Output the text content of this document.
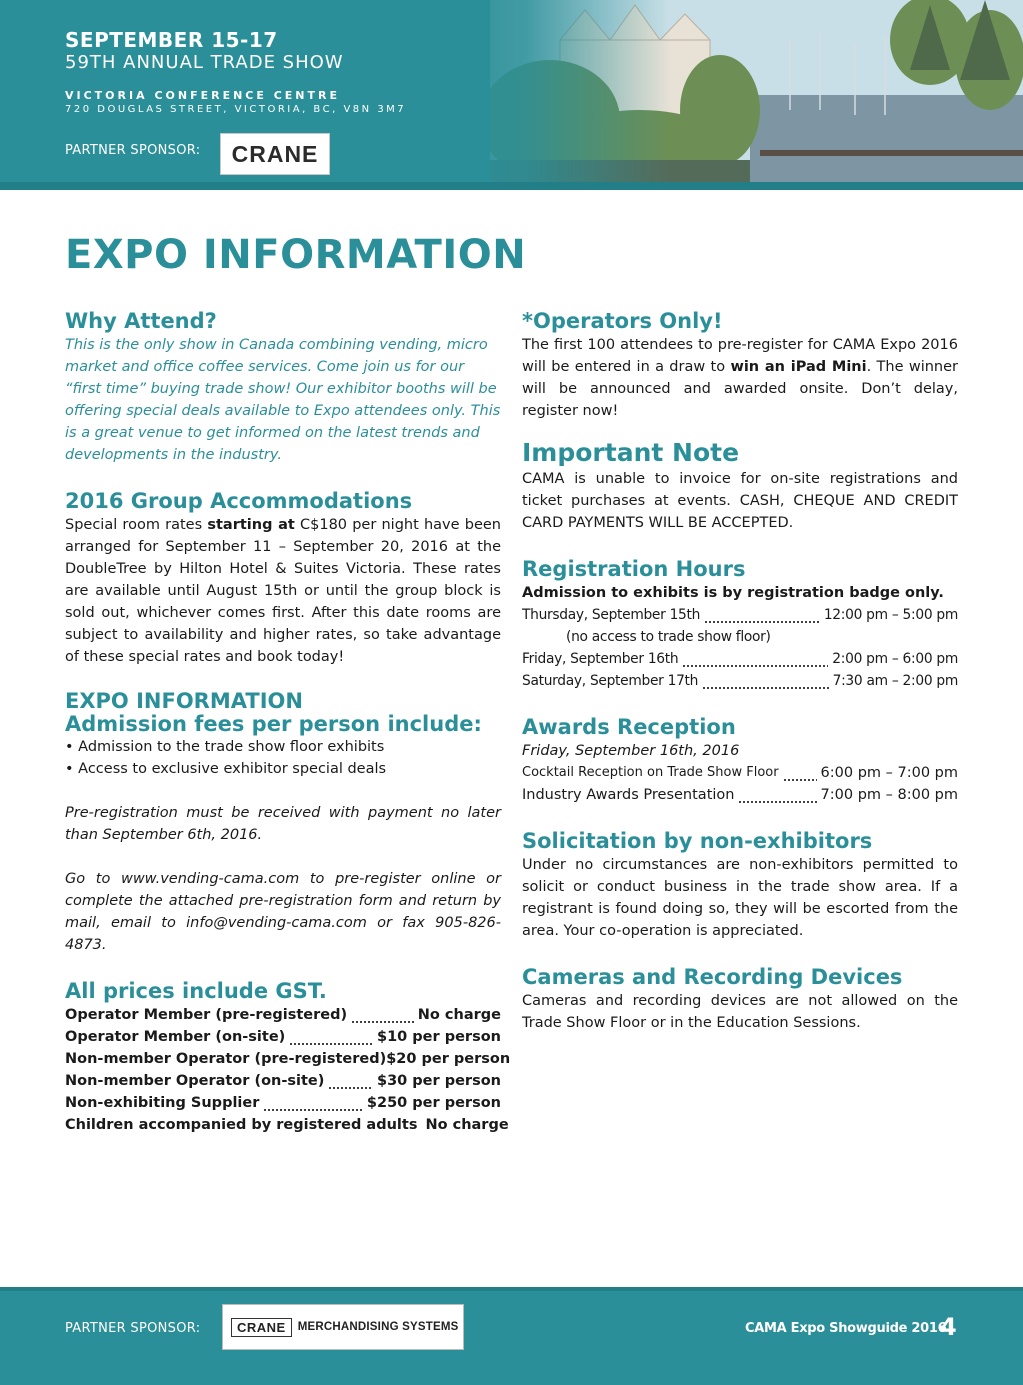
SEPTEMBER 15-17
59TH ANNUAL TRADE SHOW
VICTORIA CONFERENCE CENTRE
720 DOUGLAS STREET, VICTORIA, BC, V8N 3M7
PARTNER SPONSOR:	CRANE
EXPO INFORMATION
Why Attend?

This is the only show in Canada combining vending, micro market and office coffee services. Come join us for our “first time” buying trade show! Our exhibitor booths will be offering special deals available to Expo attendees only. This is a great venue to get informed on the latest trends and developments in the industry.

2016 Group Accommodations

Special room rates starting at C$180 per night have been arranged for September 11 – September 20, 2016 at the DoubleTree by Hilton Hotel & Suites Victoria. These rates are available until August 15th or until the group block is sold out, whichever comes first. After this date rooms are subject to availability and higher rates, so take advantage of these special rates and book today!

EXPO INFORMATION
Admission fees per person include:

• Admission to the trade show floor exhibits

• Access to exclusive exhibitor special deals

Pre-registration must be received with payment no later than September 6th, 2016.

Go to www.vending-cama.com to pre-register online or complete the attached pre-registration form and return by mail, email to info@vending-cama.com or fax 905-826-4873.

All prices include GST.
Operator Member (pre-registered)	No charge
Operator Member (on-site)	$10 per person
Non-member Operator (pre-registered) $20 per person
Non-member Operator (on-site)	$30 per person
Non-exhibiting Supplier	$250 per person
Children accompanied by registered adults No charge
*Operators Only!

The first 100 attendees to pre-register for CAMA Expo 2016 will be entered in a draw to win an iPad Mini. The winner will be announced and awarded onsite. Don’t delay, register now!

Important Note

CAMA is unable to invoice for on-site registrations and ticket purchases at events. CASH, CHEQUE AND CREDIT CARD PAYMENTS WILL BE ACCEPTED.

Registration Hours

Admission to exhibits is by registration badge only.

Thursday, September 15th	12:00 pm – 5:00 pm
(no access to trade show floor)
Friday, September 16th	2:00 pm – 6:00 pm
Saturday, September 17th	7:30 am – 2:00 pm
Awards Reception

Friday, September 16th, 2016

Cocktail Reception on Trade Show Floor	6:00 pm – 7:00 pm
Industry Awards Presentation	7:00 pm – 8:00 pm
Solicitation by non-exhibitors

Under no circumstances are non-exhibitors permitted to solicit or conduct business in the trade show area. If a registrant is found doing so, they will be escorted from the area. Your co-operation is appreciated.

Cameras and Recording Devices

Cameras and recording devices are not allowed on the Trade Show Floor or in the Education Sessions.

PARTNER SPONSOR:	CRANE	MERCHANDISING SYSTEMS	CAMA Expo Showguide 2016
4
